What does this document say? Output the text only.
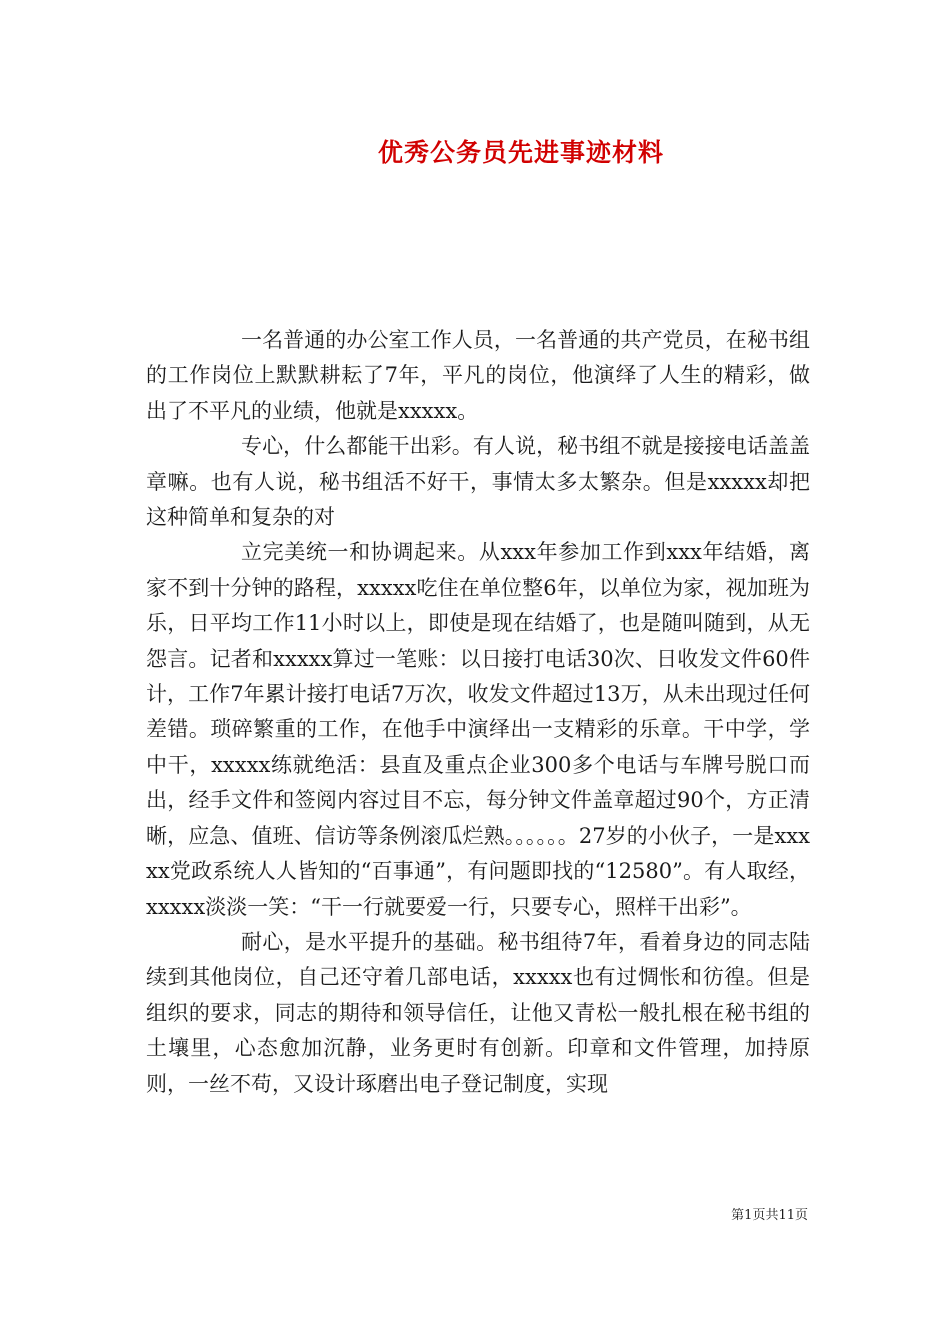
优秀公务员先进事迹材料

一名普通的办公室工作人员，一名普通的共产党员，在秘书组的工作岗位上默默耕耘了7年，平凡的岗位，他演绎了人生的精彩，做出了不平凡的业绩，他就是xxxxx。

专心，什么都能干出彩。有人说，秘书组不就是接接电话盖盖章嘛。也有人说，秘书组活不好干，事情太多太繁杂。但是xxxxx却把这种简单和复杂的对

立完美统一和协调起来。从xxx年参加工作到xxx年结婚，离家不到十分钟的路程，xxxxx吃住在单位整6年，以单位为家，视加班为乐，日平均工作11小时以上，即使是现在结婚了，也是随叫随到，从无怨言。记者和xxxxx算过一笔账：以日接打电话30次、日收发文件60件计，工作7年累计接打电话7万次，收发文件超过13万，从未出现过任何差错。琐碎繁重的工作，在他手中演绎出一支精彩的乐章。干中学，学中干，xxxxx练就绝活：县直及重点企业300多个电话与车牌号脱口而出，经手文件和签阅内容过目不忘，每分钟文件盖章超过90个，方正清晰，应急、值班、信访等条例滚瓜烂熟。。。。。。27岁的小伙子，一是xxxxx党政系统人人皆知的“百事通”，有问题即找的“12580”。有人取经，xxxxx淡淡一笑：“干一行就要爱一行，只要专心，照样干出彩”。

耐心，是水平提升的基础。秘书组待7年，看着身边的同志陆续到其他岗位，自己还守着几部电话，xxxxx也有过惆怅和彷徨。但是组织的要求，同志的期待和领导信任，让他又青松一般扎根在秘书组的土壤里，心态愈加沉静，业务更时有创新。印章和文件管理，加持原则，一丝不苟，又设计琢磨出电子登记制度，实现

第1页共11页
